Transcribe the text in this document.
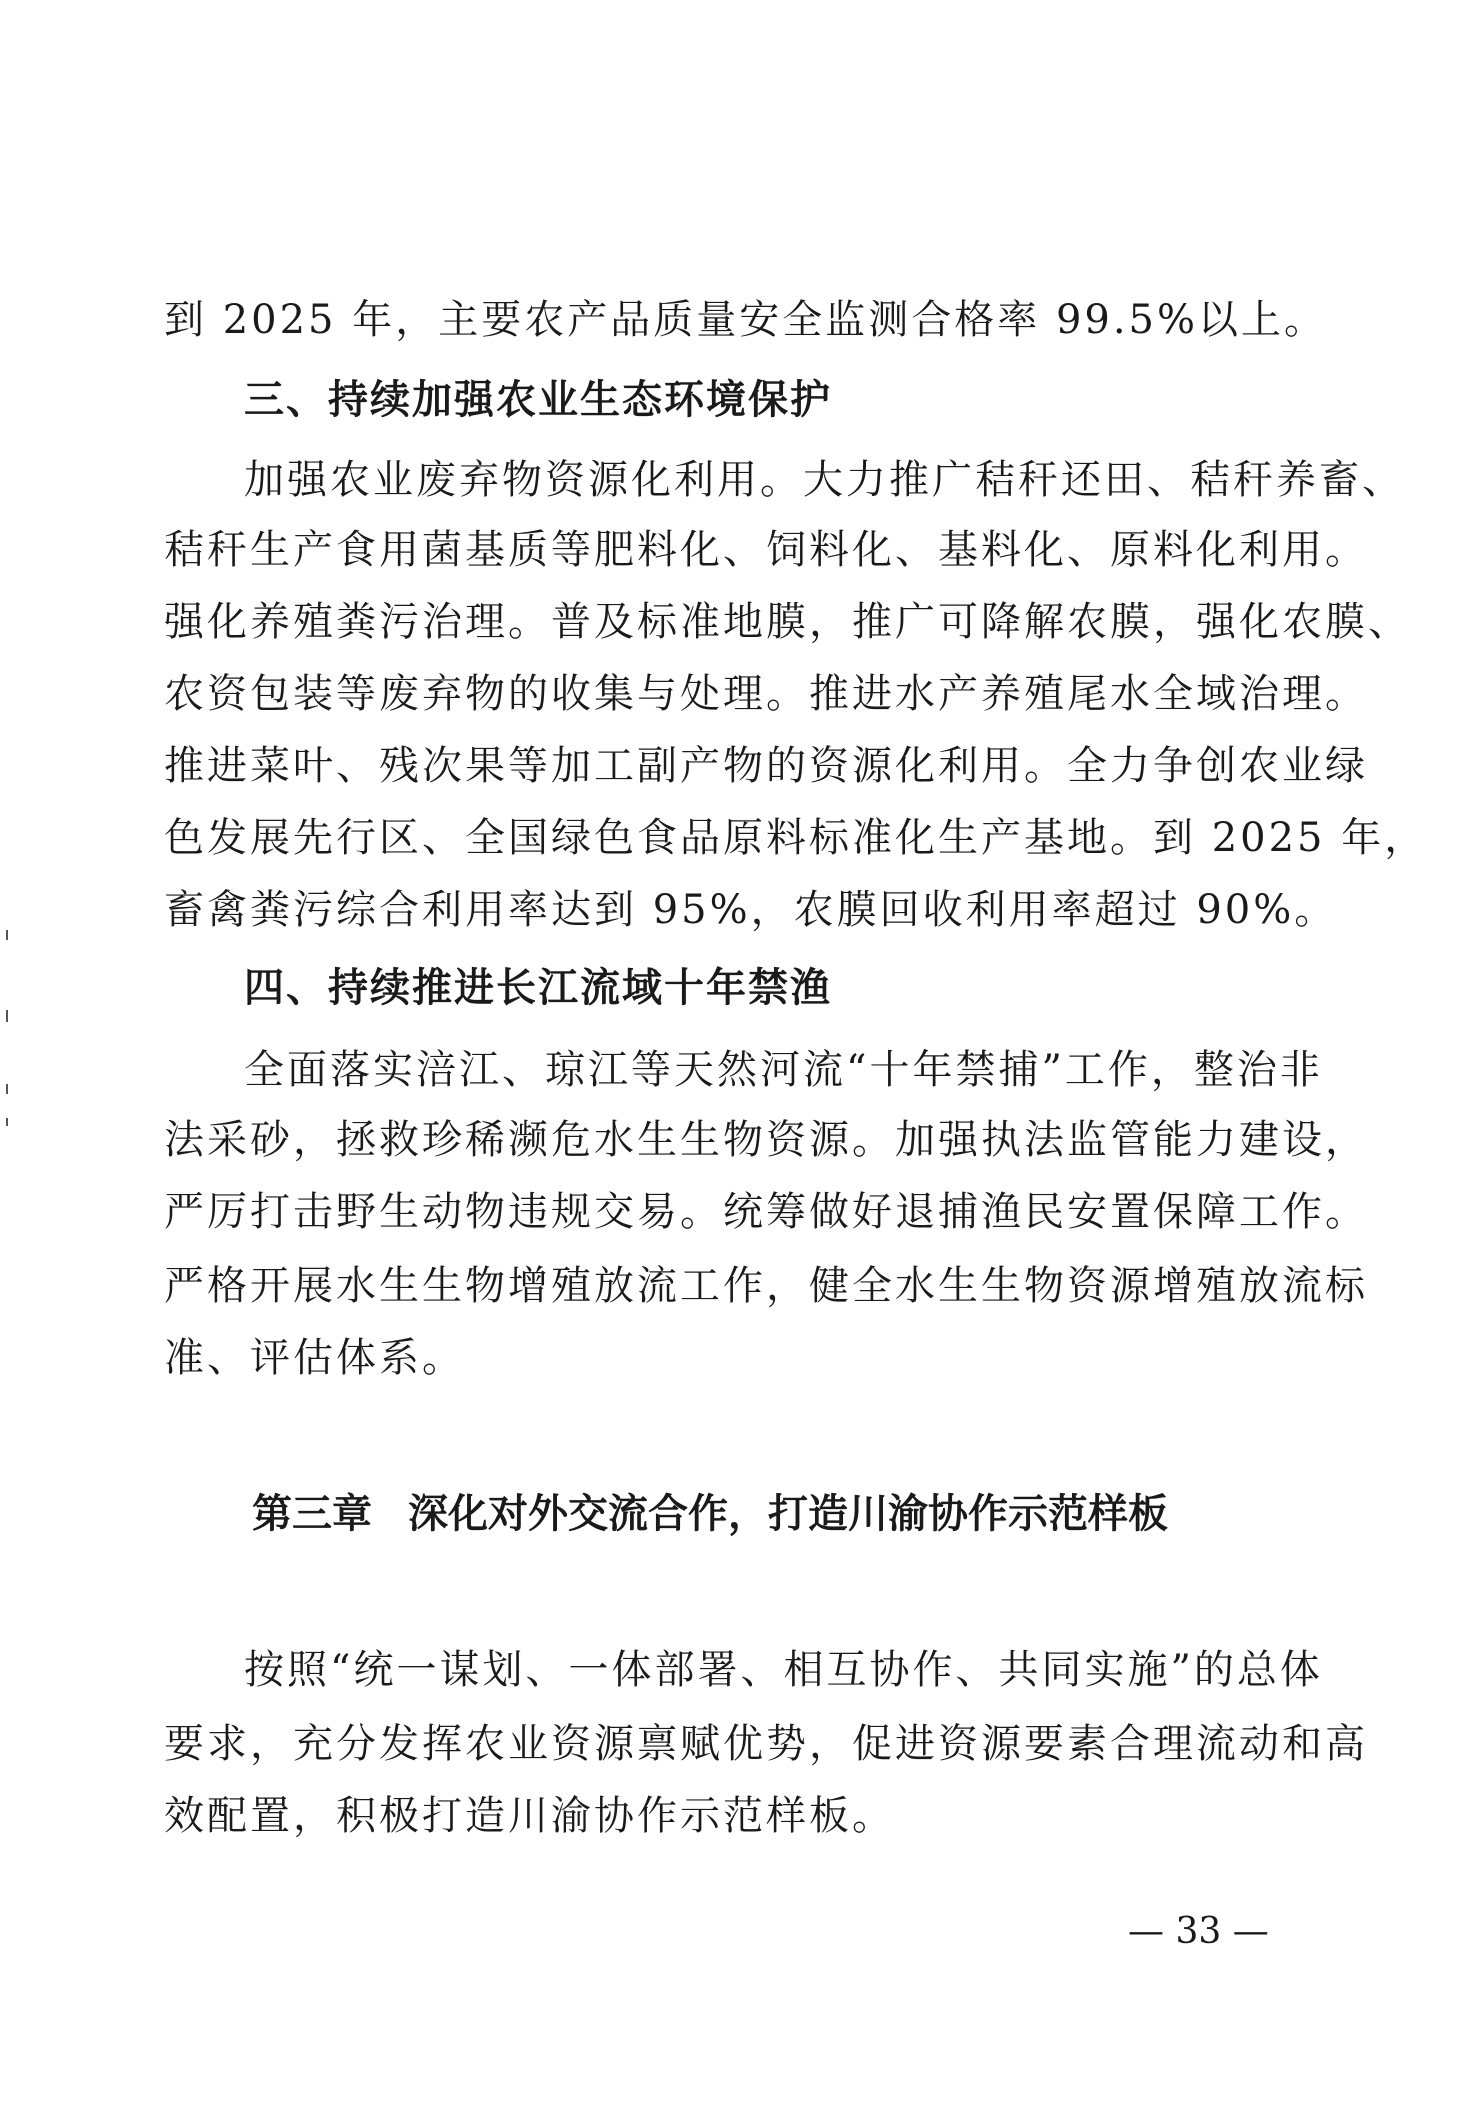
到 2025 年，主要农产品质量安全监测合格率 99.5%以上。
三、持续加强农业生态环境保护
加强农业废弃物资源化利用。大力推广秸秆还田、秸秆养畜、
秸秆生产食用菌基质等肥料化、饲料化、基料化、原料化利用。
强化养殖粪污治理。普及标准地膜，推广可降解农膜，强化农膜、
农资包装等废弃物的收集与处理。推进水产养殖尾水全域治理。
推进菜叶、残次果等加工副产物的资源化利用。全力争创农业绿
色发展先行区、全国绿色食品原料标准化生产基地。到 2025 年，
畜禽粪污综合利用率达到 95%，农膜回收利用率超过 90%。
四、持续推进长江流域十年禁渔
全面落实涪江、琼江等天然河流“十年禁捕”工作，整治非
法采砂，拯救珍稀濒危水生生物资源。加强执法监管能力建设，
严厉打击野生动物违规交易。统筹做好退捕渔民安置保障工作。
严格开展水生生物增殖放流工作，健全水生生物资源增殖放流标
准、评估体系。
第三章 深化对外交流合作，打造川渝协作示范样板
按照“统一谋划、一体部署、相互协作、共同实施”的总体
要求，充分发挥农业资源禀赋优势，促进资源要素合理流动和高
效配置，积极打造川渝协作示范样板。
— 33 —
